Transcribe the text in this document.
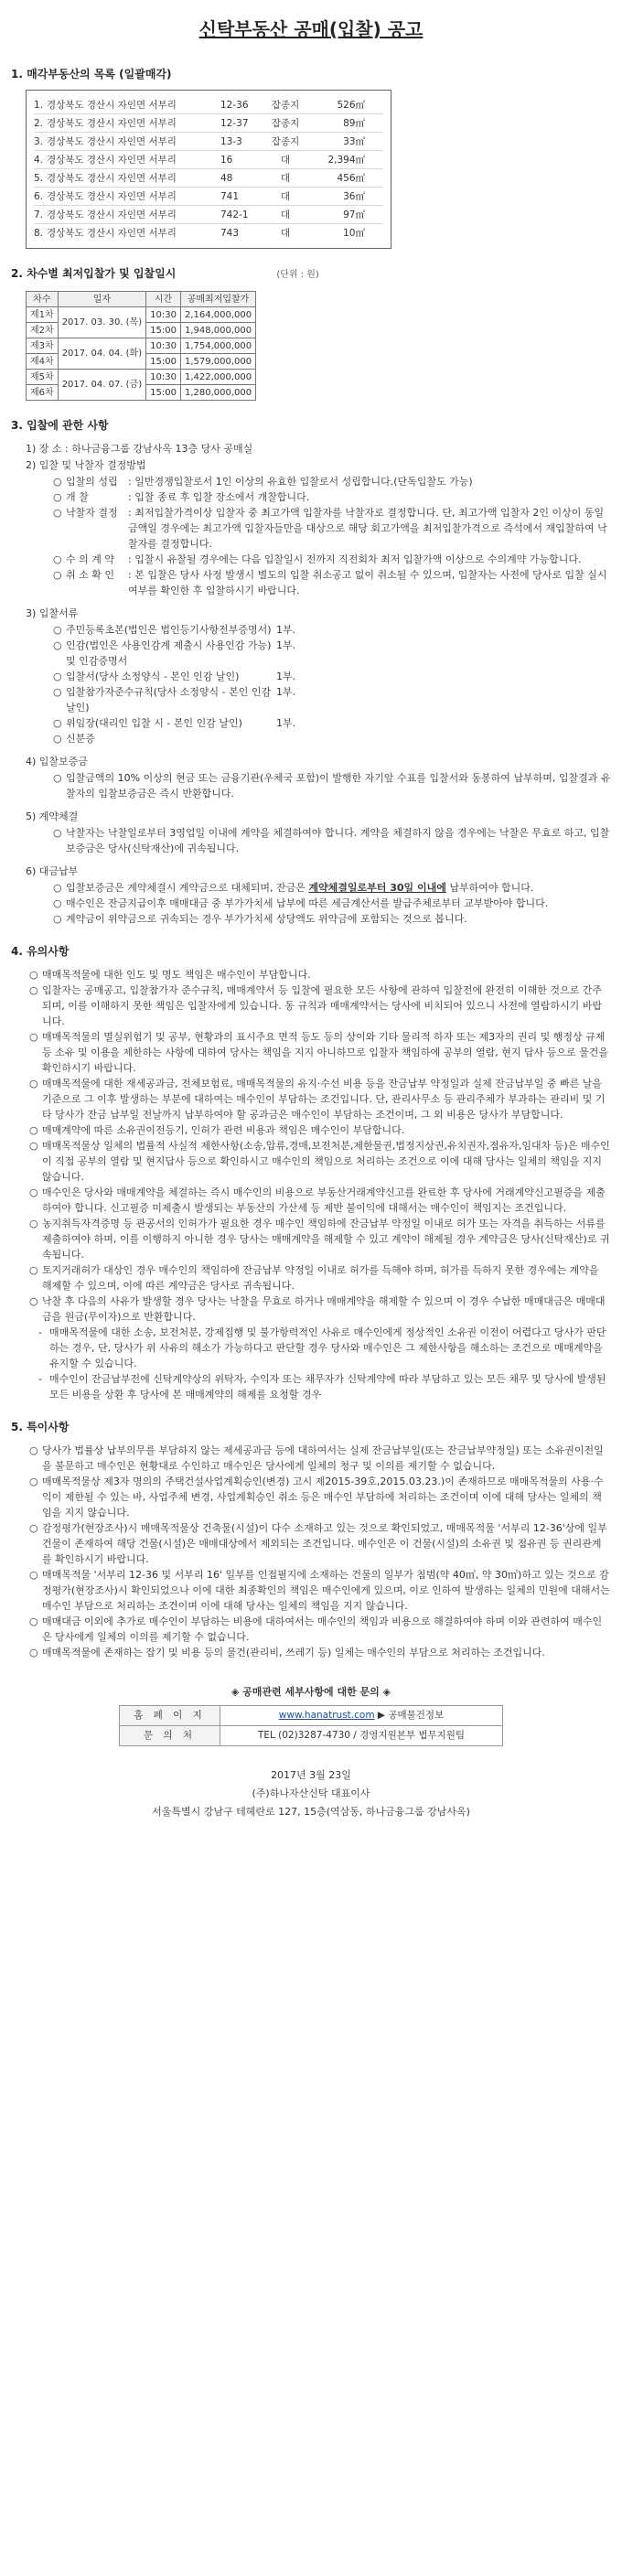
신탁부동산 공매(입찰) 공고
1. 매각부동산의 목록 (일괄매각)
1. 경상북도 경산시 자인면 서부리	12-36	잡종지	526㎡
2. 경상북도 경산시 자인면 서부리	12-37	잡종지	89㎡
3. 경상북도 경산시 자인면 서부리	13-3	잡종지	33㎡
4. 경상북도 경산시 자인면 서부리	16	대	2,394㎡
5. 경상북도 경산시 자인면 서부리	48	대	456㎡
6. 경상북도 경산시 자인면 서부리	741	대	36㎡
7. 경상북도 경산시 자인면 서부리	742-1	대	97㎡
8. 경상북도 경산시 자인면 서부리	743	대	10㎡
2. 차수별 최저입찰가 및 입찰일시	(단위 : 원)
차수	일자	시간	공매최저입찰가
제1차	2017. 03. 30. (목)	10:30	2,164,000,000
제2차		15:00	1,948,000,000
제3차	2017. 04. 04. (화)	10:30	1,754,000,000
제4차		15:00	1,579,000,000
제5차	2017. 04. 07. (금)	10:30	1,422,000,000
제6차		15:00	1,280,000,000
3. 입찰에 관한 사항
1) 장 소 : 하나금융그룹 강남사옥 13층 당사 공매실
2) 입찰 및 낙찰자 결정방법
○ 입찰의 성립	: 일반경쟁입찰로서 1인 이상의 유효한 입찰로서 성립합니다.(단독입찰도 가능)
○ 개 찰	: 입찰 종료 후 입찰 장소에서 개찰합니다.
○ 낙찰자 결정	: 최저입찰가격이상 입찰자 중 최고가액 입찰자를 낙찰자로 결정합니다. 단, 최고가액 입찰자 2인 이상이 동일금액일 경우에는 최고가액 입찰자들만을 대상으로 해당 회고가액을 최저입찰가격으로 즉석에서 재입찰하여 낙찰자를 결정합니다.
○ 수 의 계 약	: 입찰시 유찰될 경우에는 다음 입찰일시 전까지 직전회차 최저 입찰가액 이상으로 수의계약 가능합니다.
○ 취 소 확 인	: 본 입찰은 당사 사정 발생시 별도의 입찰 취소공고 없이 취소될 수 있으며, 입찰자는 사전에 당사로 입찰 실시 여부를 확인한 후 입찰하시기 바랍니다.
3) 입찰서류
○ 주민등록초본(법인은 법인등기사항전부증명서) 1부.
○ 인감(법인은 사용인감계 제출시 사용인감 가능) 및 인감증명서
1부.
○ 입찰서(당사 소정양식 - 본인 인감 날인)	1부.
○ 입찰참가자준수규칙(당사 소정양식 - 본인 인감 날인)
1부.
○ 위임장(대리인 입찰 시 - 본인 인감 날인)	1부.
○ 신분증
4) 입찰보증금
○ 입찰금액의 10% 이상의 현금 또는 금융기관(우체국 포함)이 발행한 자기앞 수표를 입찰서와 동봉하여 납부하며, 입찰결과 유찰자의 입찰보증금은 즉시 반환합니다.
5) 계약체결
○ 낙찰자는 낙찰일로부터 3영업일 이내에 계약을 체결하여야 합니다. 계약을 체결하지 않을 경우에는 낙찰은 무효로 하고, 입찰보증금은 당사(신탁재산)에 귀속됩니다.
6) 대금납부
○ 입찰보증금은 계약체결시 계약금으로 대체되며, 잔금은 계약체결일로부터 30일 이내에 납부하여야 합니다.
○ 매수인은 잔금지급이후 매매대금 중 부가가치세 납부에 따른 세금계산서를 발급주체로부터 교부받아야 합니다.
○ 계약금이 위약금으로 귀속되는 경우 부가가치세 상당액도 위약금에 포함되는 것으로 봅니다.
4. 유의사항
○ 매매목적물에 대한 인도 및 명도 책임은 매수인이 부담합니다.
○ 입찰자는 공매공고, 입찰참가자 준수규칙, 매매계약서 등 입찰에 필요한 모든 사항에 관하여 입찰전에 완전히 이해한 것으로 간주되며, 이를 이해하지 못한 책임은 입찰자에게 있습니다. 동 규칙과 매매계약서는 당사에 비치되어 있으니 사전에 열람하시기 바랍니다.
○ 매매목적물의 멸실위험기 및 공부, 현황과의 표시주요 면적 등도 등의 상이와 기타 물리적 하자 또는 제3자의 권리 및 행정상 규제 등 소유 및 이용을 제한하는 사항에 대하여 당사는 책임을 지지 아니하므로 입찰자 책임하에 공부의 열람, 현지 답사 등으로 물건을 확인하시기 바랍니다.
○ 매매목적물에 대한 재세공과금, 전체보험료, 매매목적물의 유지·수선 비용 등을 잔금납부 약정일과 실제 잔금납부일 중 빠른 날을 기준으로 그 이후 발생하는 부분에 대하여는 매수인이 부담하는 조건입니다. 단, 관리사무소 등 관리주체가 부과하는 관리비 및 기타 당사가 잔금 납부일 전날까지 납부하여야 할 공과금은 매수인이 부담하는 조건이며, 그 외 비용은 당사가 부담합니다.
○ 매매계약에 따른 소유권이전등기, 인허가 관련 비용과 책임은 매수인이 부담합니다.
○ 매매목적물상 일체의 법률적 사실적 제한사항(소송,압류,경매,보전처분,제한물권,법정지상권,유치권자,점유자,임대차 등)은 매수인이 직접 공부의 열람 및 현지답사 등으로 확인하시고 매수인의 책임으로 처리하는 조건으로 이에 대해 당사는 일체의 책임을 지지 않습니다.
○ 매수인은 당사와 매매계약을 체결하는 즉시 매수인의 비용으로 부동산거래계약신고를 완료한 후 당사에 거래계약신고필증을 제출하여야 합니다. 신고필증 미제출시 발생되는 부동산의 가산세 등 제반 불이익에 대해서는 매수인이 책임지는 조건입니다.
○ 농지취득자격증명 등 관공서의 인허가가 필요한 경우 매수인 책임하에 잔금납부 약정일 이내로 허가 또는 자격을 취득하는 서류를 제출하여야 하며, 이를 이행하지 아니한 경우 당사는 매매계약을 해제할 수 있고 계약이 해제될 경우 계약금은 당사(신탁재산)로 귀속됩니다.
○ 토지거래허가 대상인 경우 매수인의 책임하에 잔금납부 약정일 이내로 허가를 득해야 하며, 허가를 득하지 못한 경우에는 계약을 해제할 수 있으며, 이에 따른 계약금은 당사로 귀속됩니다.
○ 낙찰 후 다음의 사유가 발생할 경우 당사는 낙찰을 무효로 하거나 매매계약을 해제할 수 있으며 이 경우 수납한 매매대금은 매매대금을 원금(무이자)으로 반환합니다.
- 매매목적물에 대한 소송, 보전처분, 강제집행 및 불가항력적인 사유로 매수인에게 정상적인 소유권 이전이 어렵다고 당사가 판단하는 경우, 단, 당사가 위 사유의 해소가 가능하다고 판단할 경우 당사와 매수인은 그 제한사항을 해소하는 조건으로 매매계약을 유지할 수 있습니다.
- 매수인이 잔금납부전에 신탁계약상의 위탁자, 수익자 또는 채무자가 신탁계약에 따라 부담하고 있는 모든 채무 및 당사에 발생된 모든 비용을 상환 후 당사에 본 매매계약의 해제를 요청할 경우
5. 특이사항
○ 당사가 법률상 납부의무를 부담하지 않는 제세공과금 등에 대하여서는 실제 잔금납부일(또는 잔금납부약정일) 또는 소유권이전일을 불문하고 매수인은 현황대로 수인하고 매수인은 당사에게 일체의 청구 및 이의를 제기할 수 없습니다.
○ 매매목적물상 제3자 명의의 주택건설사업계획승인(변경) 고시 제2015-39호,2015.03.23.)이 존재하므로 매매목적물의 사용·수익이 제한될 수 있는 바, 사업주체 변경, 사업계획승인 취소 등은 매수인 부담하에 처리하는 조건이며 이에 대해 당사는 일체의 책임을 지지 않습니다.
○ 감정평가(현장조사)시 매매목적물상 건축물(시설)이 다수 소재하고 있는 것으로 확인되었고, 매매목적물 '서부리 12-36'상에 일부 건물이 존재하여 해당 건물(시설)은 매매대상에서 제외되는 조건입니다. 매수인은 이 건물(시설)의 소유권 및 점유권 등 권리관계를 확인하시기 바랍니다.
○ 매매목적물 '서부리 12-36 및 서부리 16' 일부를 인접필지에 소재하는 건물의 일부가 침범(약 40㎡, 약 30㎡)하고 있는 것으로 감정평가(현장조사)시 확인되었으나 이에 대한 최종확인의 책임은 매수인에게 있으며, 이로 인하여 발생하는 일체의 민원에 대해서는 매수인 부담으로 처리하는 조건이며 이에 대해 당사는 일체의 책임을 지지 않습니다.
○ 매매대금 이외에 추가로 매수인이 부담하는 비용에 대하여서는 매수인의 책임과 비용으로 해결하여야 하며 이와 관련하여 매수인은 당사에게 일체의 이의를 제기할 수 없습니다.
○ 매매목적물에 존재하는 잡기 및 비용 등의 물건(관리비, 쓰레기 등) 일체는 매수인의 부담으로 처리하는 조건입니다.
◈ 공매관련 세부사항에 대한 문의 ◈
홈 페 이 지	www.hanatrust.com ▶ 공매물건정보
문 의 처	TEL (02)3287-4730 / 경영지원본부 법무지원팀
2017년 3월 23일
(주)하나자산신탁 대표이사
서울특별시 강남구 테헤란로 127, 15층(역삼동, 하나금융그룹 강남사옥)
